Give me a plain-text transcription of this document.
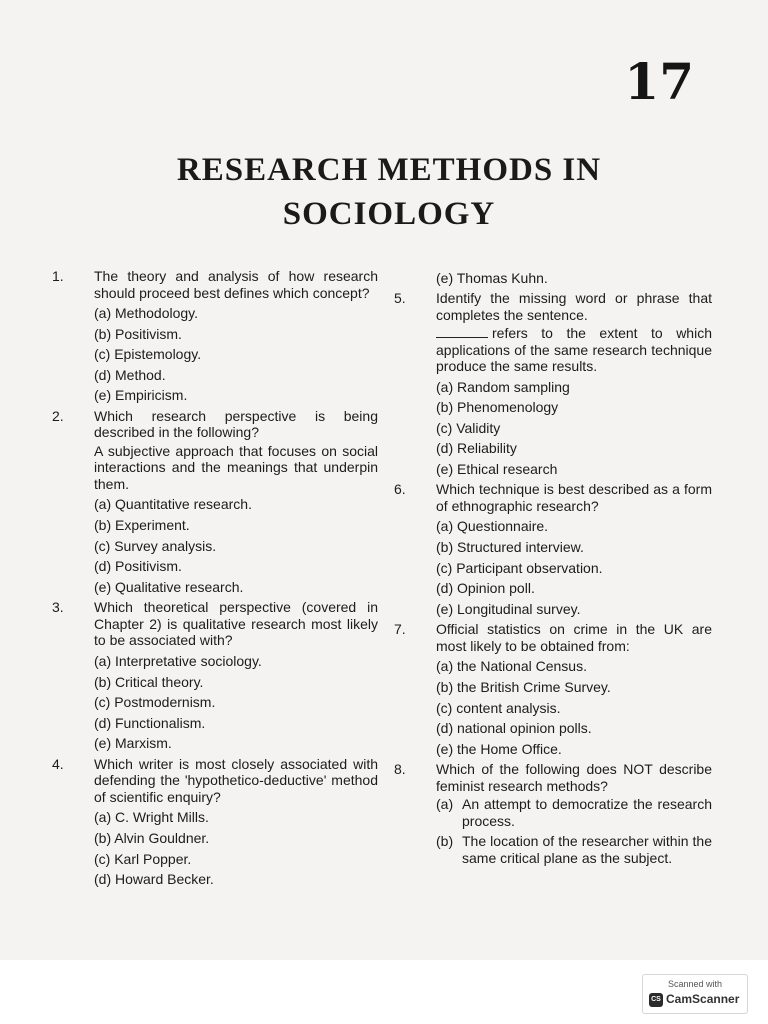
17
RESEARCH METHODS IN
SOCIOLOGY
1. The theory and analysis of how research should proceed best defines which concept?
(a) Methodology.
(b) Positivism.
(c) Epistemology.
(d) Method.
(e) Empiricism.
2. Which research perspective is being described in the following?
A subjective approach that focuses on social interactions and the meanings that underpin them.
(a) Quantitative research.
(b) Experiment.
(c) Survey analysis.
(d) Positivism.
(e) Qualitative research.
3. Which theoretical perspective (covered in Chapter 2) is qualitative research most likely to be associated with?
(a) Interpretative sociology.
(b) Critical theory.
(c) Postmodernism.
(d) Functionalism.
(e) Marxism.
4. Which writer is most closely associated with defending the 'hypothetico-deductive' method of scientific enquiry?
(a) C. Wright Mills.
(b) Alvin Gouldner.
(c) Karl Popper.
(d) Howard Becker.
(e) Thomas Kuhn.
5. Identify the missing word or phrase that completes the sentence.
refers to the extent to which applications of the same research technique produce the same results.
(a) Random sampling
(b) Phenomenology
(c) Validity
(d) Reliability
(e) Ethical research
6. Which technique is best described as a form of ethnographic research?
(a) Questionnaire.
(b) Structured interview.
(c) Participant observation.
(d) Opinion poll.
(e) Longitudinal survey.
7. Official statistics on crime in the UK are most likely to be obtained from:
(a) the National Census.
(b) the British Crime Survey.
(c) content analysis.
(d) national opinion polls.
(e) the Home Office.
8. Which of the following does NOT describe feminist research methods?
(a) An attempt to democratize the research process.
(b) The location of the researcher within the same critical plane as the subject.
Scanned with
CS CamScanner
